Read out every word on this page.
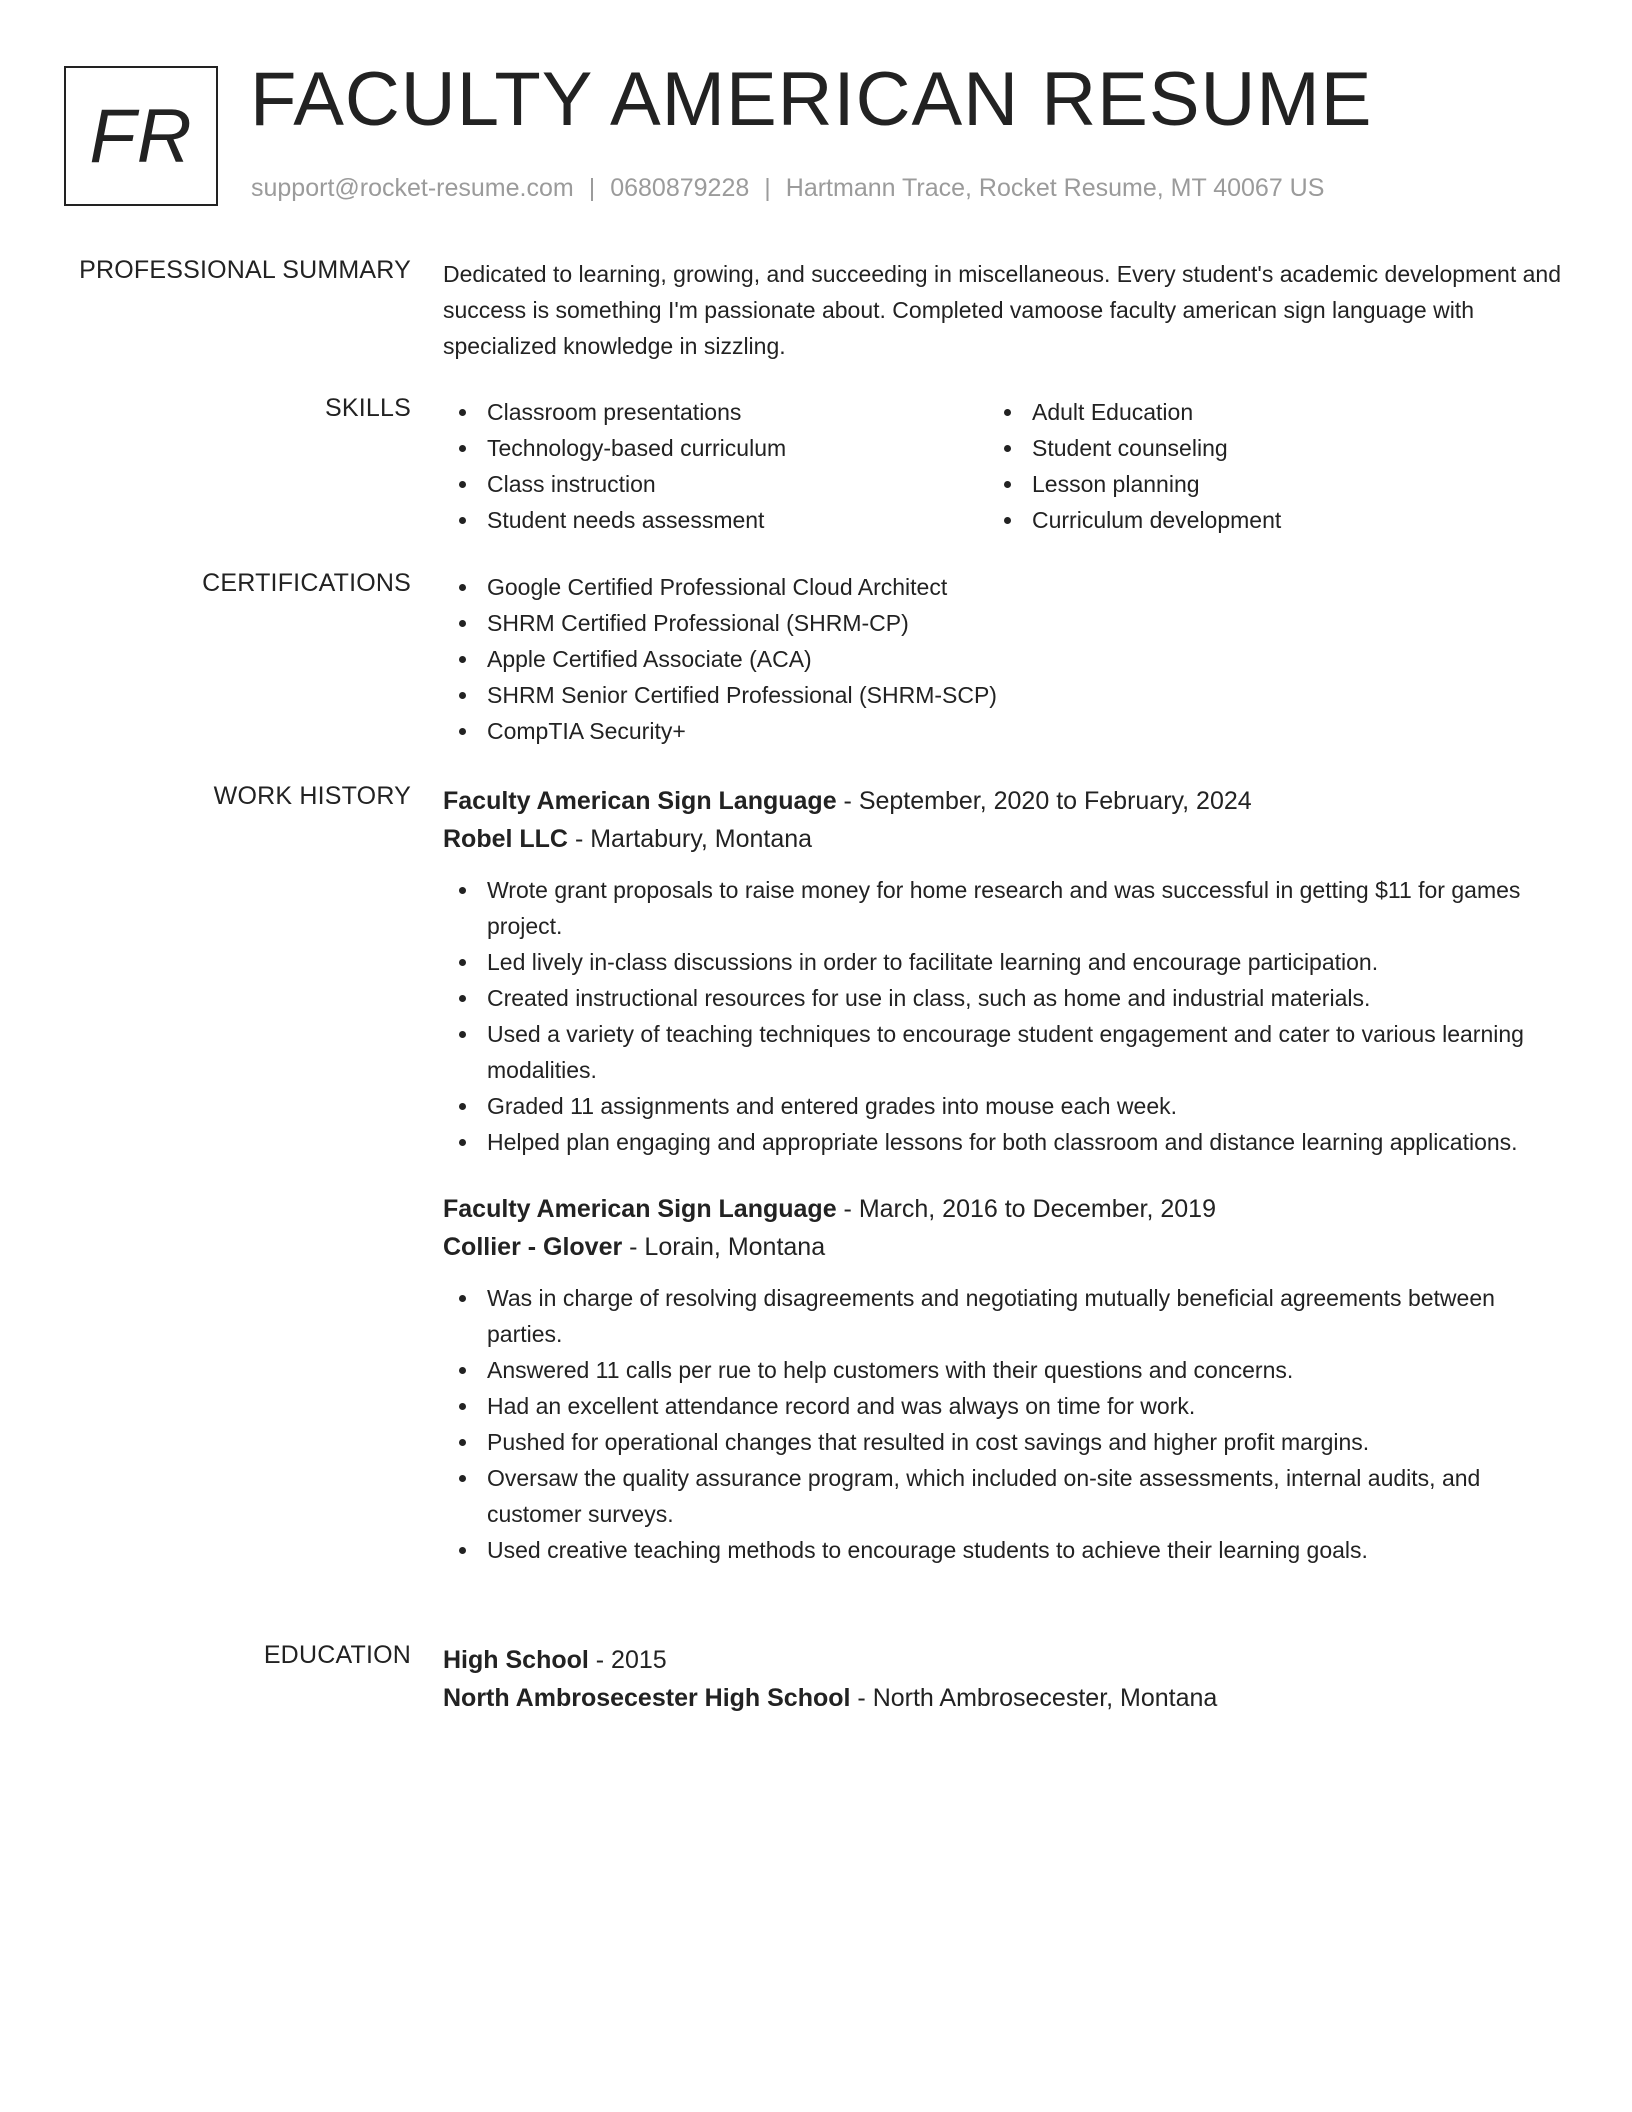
FR FACULTY AMERICAN RESUME
support@rocket-resume.com | 0680879228 | Hartmann Trace, Rocket Resume, MT 40067 US
PROFESSIONAL SUMMARY Dedicated to learning, growing, and succeeding in miscellaneous. Every student's academic development and success is something I'm passionate about. Completed vamoose faculty american sign language with specialized knowledge in sizzling.

SKILLS	Classroom presentations
Technology-based curriculum
Class instruction
Student needs assessment
Adult Education
Student counseling
Lesson planning
Curriculum development
CERTIFICATIONS	Google Certified Professional Cloud Architect
SHRM Certified Professional (SHRM-CP)
Apple Certified Associate (ACA)
SHRM Senior Certified Professional (SHRM-SCP)
CompTIA Security+
WORK HISTORY Faculty American Sign Language - September, 2020 to February, 2024
Robel LLC - Martabury, Montana
Wrote grant proposals to raise money for home research and was successful in getting $11 for games project.
Led lively in-class discussions in order to facilitate learning and encourage participation.
Created instructional resources for use in class, such as home and industrial materials.
Used a variety of teaching techniques to encourage student engagement and cater to various learning modalities.
Graded 11 assignments and entered grades into mouse each week.
Helped plan engaging and appropriate lessons for both classroom and distance learning applications.
Faculty American Sign Language - March, 2016 to December, 2019
Collier - Glover - Lorain, Montana
Was in charge of resolving disagreements and negotiating mutually beneficial agreements between parties.
Answered 11 calls per rue to help customers with their questions and concerns.
Had an excellent attendance record and was always on time for work.
Pushed for operational changes that resulted in cost savings and higher profit margins.
Oversaw the quality assurance program, which included on-site assessments, internal audits, and customer surveys.
Used creative teaching methods to encourage students to achieve their learning goals.
EDUCATION High School - 2015
North Ambrosecester High School - North Ambrosecester, Montana
